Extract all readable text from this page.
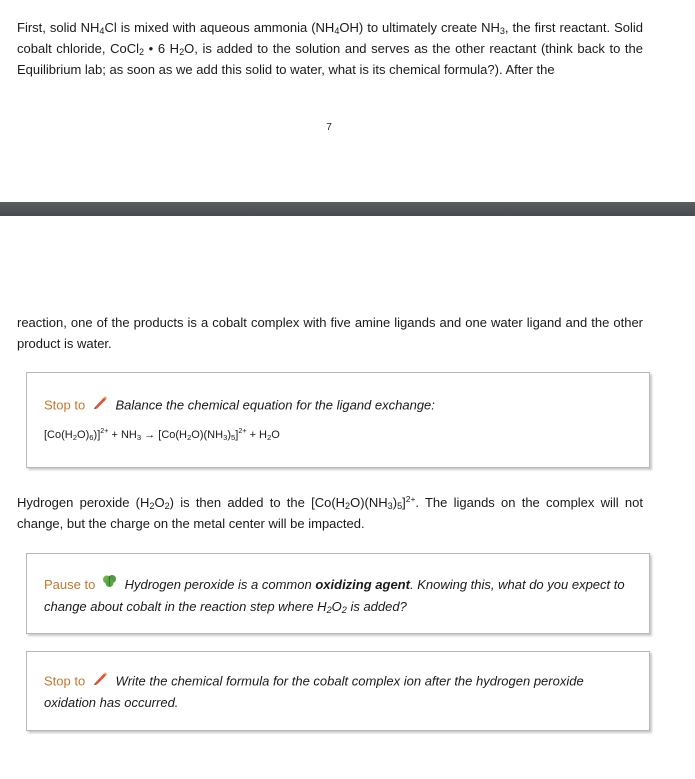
First, solid $NH_4Cl$ is mixed with aqueous ammonia $(NH_4OH)$ to ultimately create $NH_3$, the first reactant. Solid cobalt chloride, CoCl$_2$ • 6 $H_2O$, is added to the solution and serves as the other reactant (think back to the Equilibrium lab; as soon as we add this solid to water, what is its chemical formula?). After the

7

reaction, one of the products is a cobalt complex with five amine ligands and one water ligand and the other product is water.

Stop to Balance the chemical equation for the ligand exchange:
$[Co(H_2O)_6)]^{2+} + NH_3 \to [Co(H_2O)(NH_3)_5]^{2+} + H_2O$

Hydrogen peroxide $(H_2O_2)$ is then added to the $[Co(H_2O)(NH_3)_5]^{2+}$. The ligands on the complex will not change, but the charge on the metal center will be impacted.

Pause to Hydrogen peroxide is a common oxidizing agent. Knowing this, what do you expect to change about cobalt in the reaction step where $H_2O_2$ is added?
Stop to Write the chemical formula for the cobalt complex ion after the hydrogen peroxide oxidation has occurred.
